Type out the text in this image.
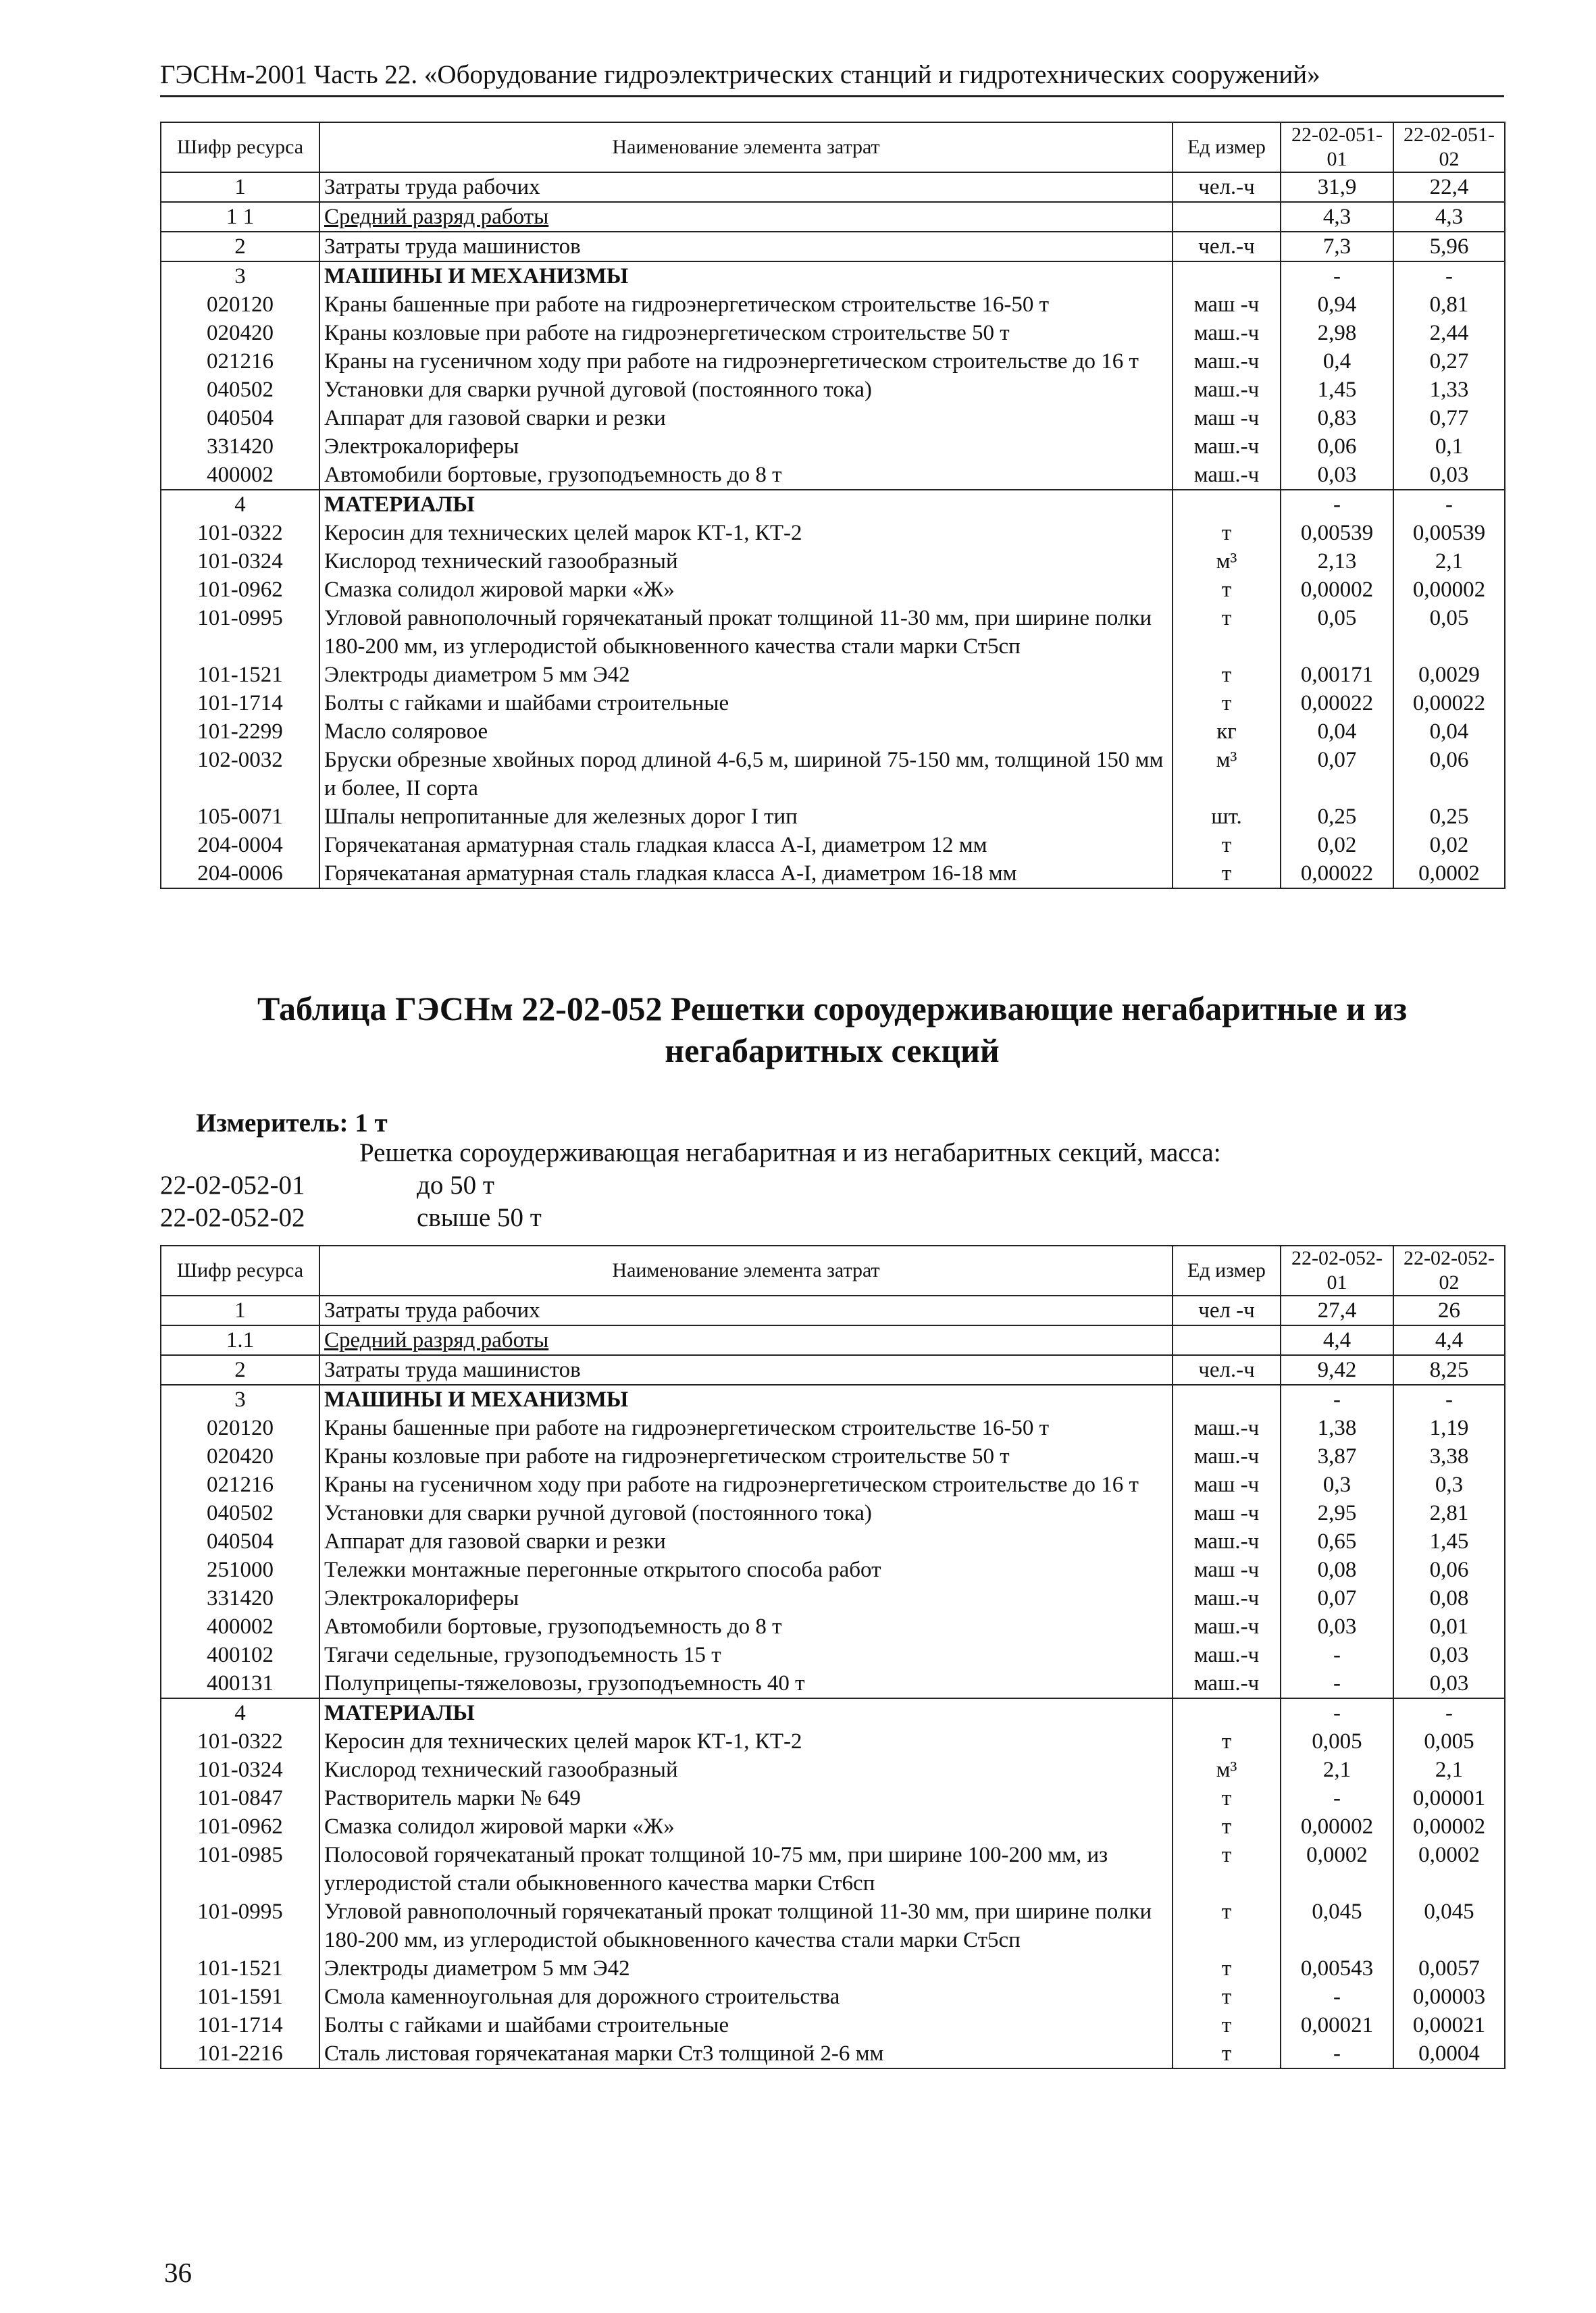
ГЭСНм-2001 Часть 22. «Оборудование гидроэлектрических станций и гидротехнических сооружений»
Шифр ресурса	Наименование элемента затрат	Ед измер	22-02-051-01	22-02-051-02
1	Затраты труда рабочих	чел.-ч	31,9	22,4
1 1	Средний разряд работы		4,3	4,3
2	Затраты труда машинистов	чел.-ч	7,3	5,96
3	МАШИНЫ И МЕХАНИЗМЫ		-	-
020120	Краны башенные при работе на гидроэнергетическом строительстве 16-50 т	маш -ч	0,94	0,81
020420	Краны козловые при работе на гидроэнергетическом строительстве 50 т	маш.-ч	2,98	2,44
021216	Краны на гусеничном ходу при работе на гидроэнергетическом строительстве до 16 т	маш.-ч	0,4	0,27
040502	Установки для сварки ручной дуговой (постоянного тока)	маш.-ч	1,45	1,33
040504	Аппарат для газовой сварки и резки	маш -ч	0,83	0,77
331420	Электрокалориферы	маш.-ч	0,06	0,1
400002	Автомобили бортовые, грузоподъемность до 8 т	маш.-ч	0,03	0,03
4	МАТЕРИАЛЫ		-	-
101-0322	Керосин для технических целей марок КТ-1, КТ-2	т	0,00539	0,00539
101-0324	Кислород технический газообразный	м³	2,13	2,1
101-0962	Смазка солидол жировой марки «Ж»	т	0,00002	0,00002
101-0995	Угловой равнополочный горячекатаный прокат толщиной 11-30 мм, при ширине полки 180-200 мм, из углеродистой обыкновенного качества стали марки Ст5сп	т	0,05	0,05
101-1521	Электроды диаметром 5 мм Э42	т	0,00171	0,0029
101-1714	Болты с гайками и шайбами строительные	т	0,00022	0,00022
101-2299	Масло соляровое	кг	0,04	0,04
102-0032	Бруски обрезные хвойных пород длиной 4-6,5 м, шириной 75-150 мм, толщиной 150 мм и более, II сорта	м³	0,07	0,06
105-0071	Шпалы непропитанные для железных дорог I тип	шт.	0,25	0,25
204-0004	Горячекатаная арматурная сталь гладкая класса А-I, диаметром 12 мм	т	0,02	0,02
204-0006	Горячекатаная арматурная сталь гладкая класса А-I, диаметром 16-18 мм	т	0,00022	0,0002
Таблица ГЭСНм 22-02-052 Решетки сороудерживающие негабаритные и из негабаритных секций
Измеритель: 1 т
Решетка сороудерживающая негабаритная и из негабаритных секций, масса:
22-02-052-01	до 50 т
22-02-052-02	свыше 50 т
Шифр ресурса	Наименование элемента затрат	Ед измер	22-02-052-01	22-02-052-02
1	Затраты труда рабочих	чел -ч	27,4	26
1.1	Средний разряд работы		4,4	4,4
2	Затраты труда машинистов	чел.-ч	9,42	8,25
3	МАШИНЫ И МЕХАНИЗМЫ		-	-
020120	Краны башенные при работе на гидроэнергетическом строительстве 16-50 т	маш.-ч	1,38	1,19
020420	Краны козловые при работе на гидроэнергетическом строительстве 50 т	маш.-ч	3,87	3,38
021216	Краны на гусеничном ходу при работе на гидроэнергетическом строительстве до 16 т	маш -ч	0,3	0,3
040502	Установки для сварки ручной дуговой (постоянного тока)	маш -ч	2,95	2,81
040504	Аппарат для газовой сварки и резки	маш.-ч	0,65	1,45
251000	Тележки монтажные перегонные открытого способа работ	маш -ч	0,08	0,06
331420	Электрокалориферы	маш.-ч	0,07	0,08
400002	Автомобили бортовые, грузоподъемность до 8 т	маш.-ч	0,03	0,01
400102	Тягачи седельные, грузоподъемность 15 т	маш.-ч	-	0,03
400131	Полуприцепы-тяжеловозы, грузоподъемность 40 т	маш.-ч	-	0,03
4	МАТЕРИАЛЫ		-	-
101-0322	Керосин для технических целей марок КТ-1, КТ-2	т	0,005	0,005
101-0324	Кислород технический газообразный	м³	2,1	2,1
101-0847	Растворитель марки № 649	т	-	0,00001
101-0962	Смазка солидол жировой марки «Ж»	т	0,00002	0,00002
101-0985	Полосовой горячекатаный прокат толщиной 10-75 мм, при ширине 100-200 мм, из углеродистой стали обыкновенного качества марки Ст6сп	т	0,0002	0,0002
101-0995	Угловой равнополочный горячекатаный прокат толщиной 11-30 мм, при ширине полки 180-200 мм, из углеродистой обыкновенного качества стали марки Ст5сп	т	0,045	0,045
101-1521	Электроды диаметром 5 мм Э42	т	0,00543	0,0057
101-1591	Смола каменноугольная для дорожного строительства	т	-	0,00003
101-1714	Болты с гайками и шайбами строительные	т	0,00021	0,00021
101-2216	Сталь листовая горячекатаная марки Ст3 толщиной 2-6 мм	т	-	0,0004
36
